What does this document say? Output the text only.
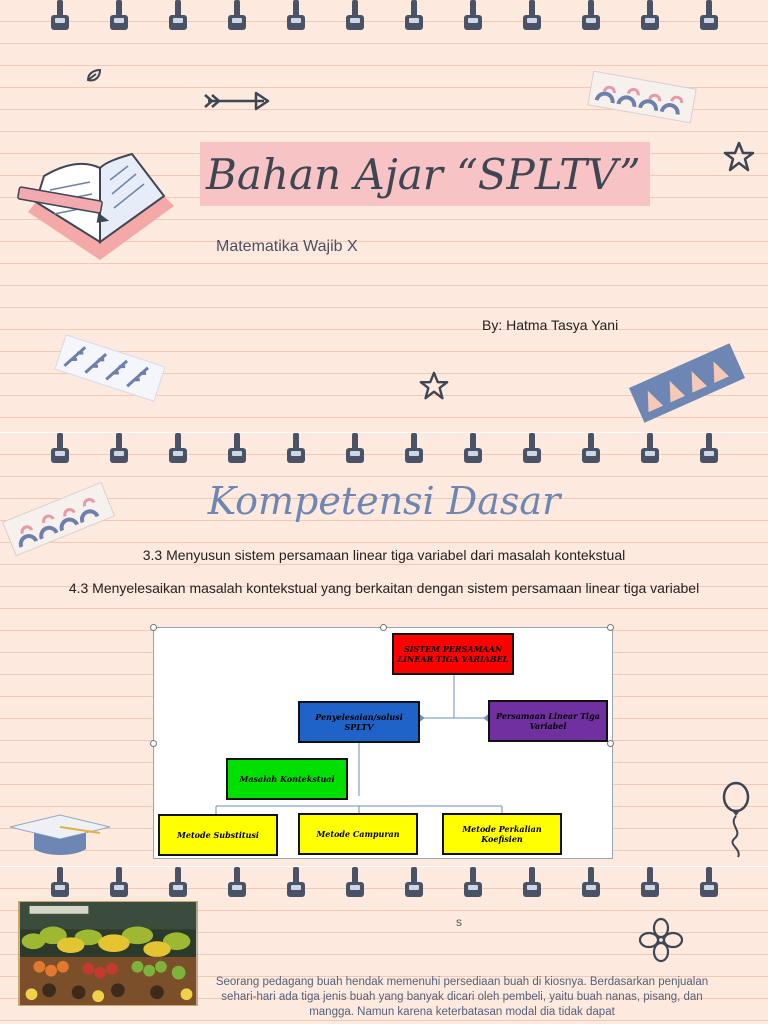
Bahan Ajar “SPLTV”
Matematika Wajib X
By: Hatma Tasya Yani
Kompetensi Dasar
3.3 Menyusun sistem persamaan linear tiga variabel dari masalah kontekstual
4.3 Menyelesaikan masalah kontekstual yang berkaitan dengan sistem persamaan linear tiga variabel
SISTEM PERSAMAAN LINEAR TIGA VARIABEL
Penyelesaian/solusi SPLTV
Persamaan Linear Tiga Variabel
Masalah Kontekstual
Metode Substitusi	Metode Campuran	Metode Perkalian Koefisien
s
Seorang pedagang buah hendak memenuhi persediaan buah di kiosnya. Berdasarkan penjualan sehari-hari ada tiga jenis buah yang banyak dicari oleh pembeli, yaitu buah nanas, pisang, dan mangga. Namun karena keterbatasan modal dia tidak dapat
